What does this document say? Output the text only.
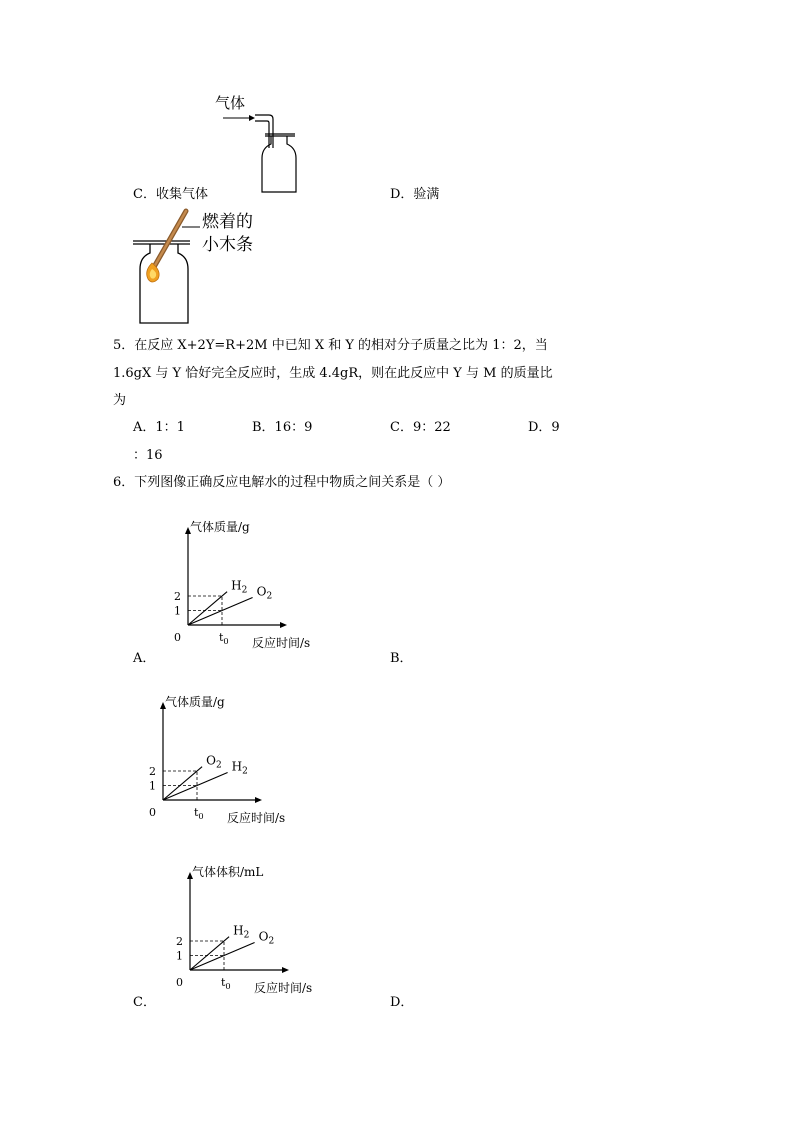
气体
C．收集气体	D．验满
燃着的
小木条
5．在反应 X+2Y=R+2M 中已知 X 和 Y 的相对分子质量之比为 1：2，当
1.6gX 与 Y 恰好完全反应时，生成 4.4gR，则在此反应中 Y 与 M 的质量比
为
A．1：1	B．16：9	C．9：22	D．9
：16
6．下列图像正确反应电解水的过程中物质之间关系是（ ）
气体质量/g
反应时间/s
0
1
2
$t_0$
$H_2$ $O_2$
A．	B．
气体质量/g
反应时间/s
0
1
2
$t_0$
$O_2$ $H_2$
气体体积/mL
反应时间/s
0
1
2
$t_0$
$H_2$ $O_2$
C．	D．
